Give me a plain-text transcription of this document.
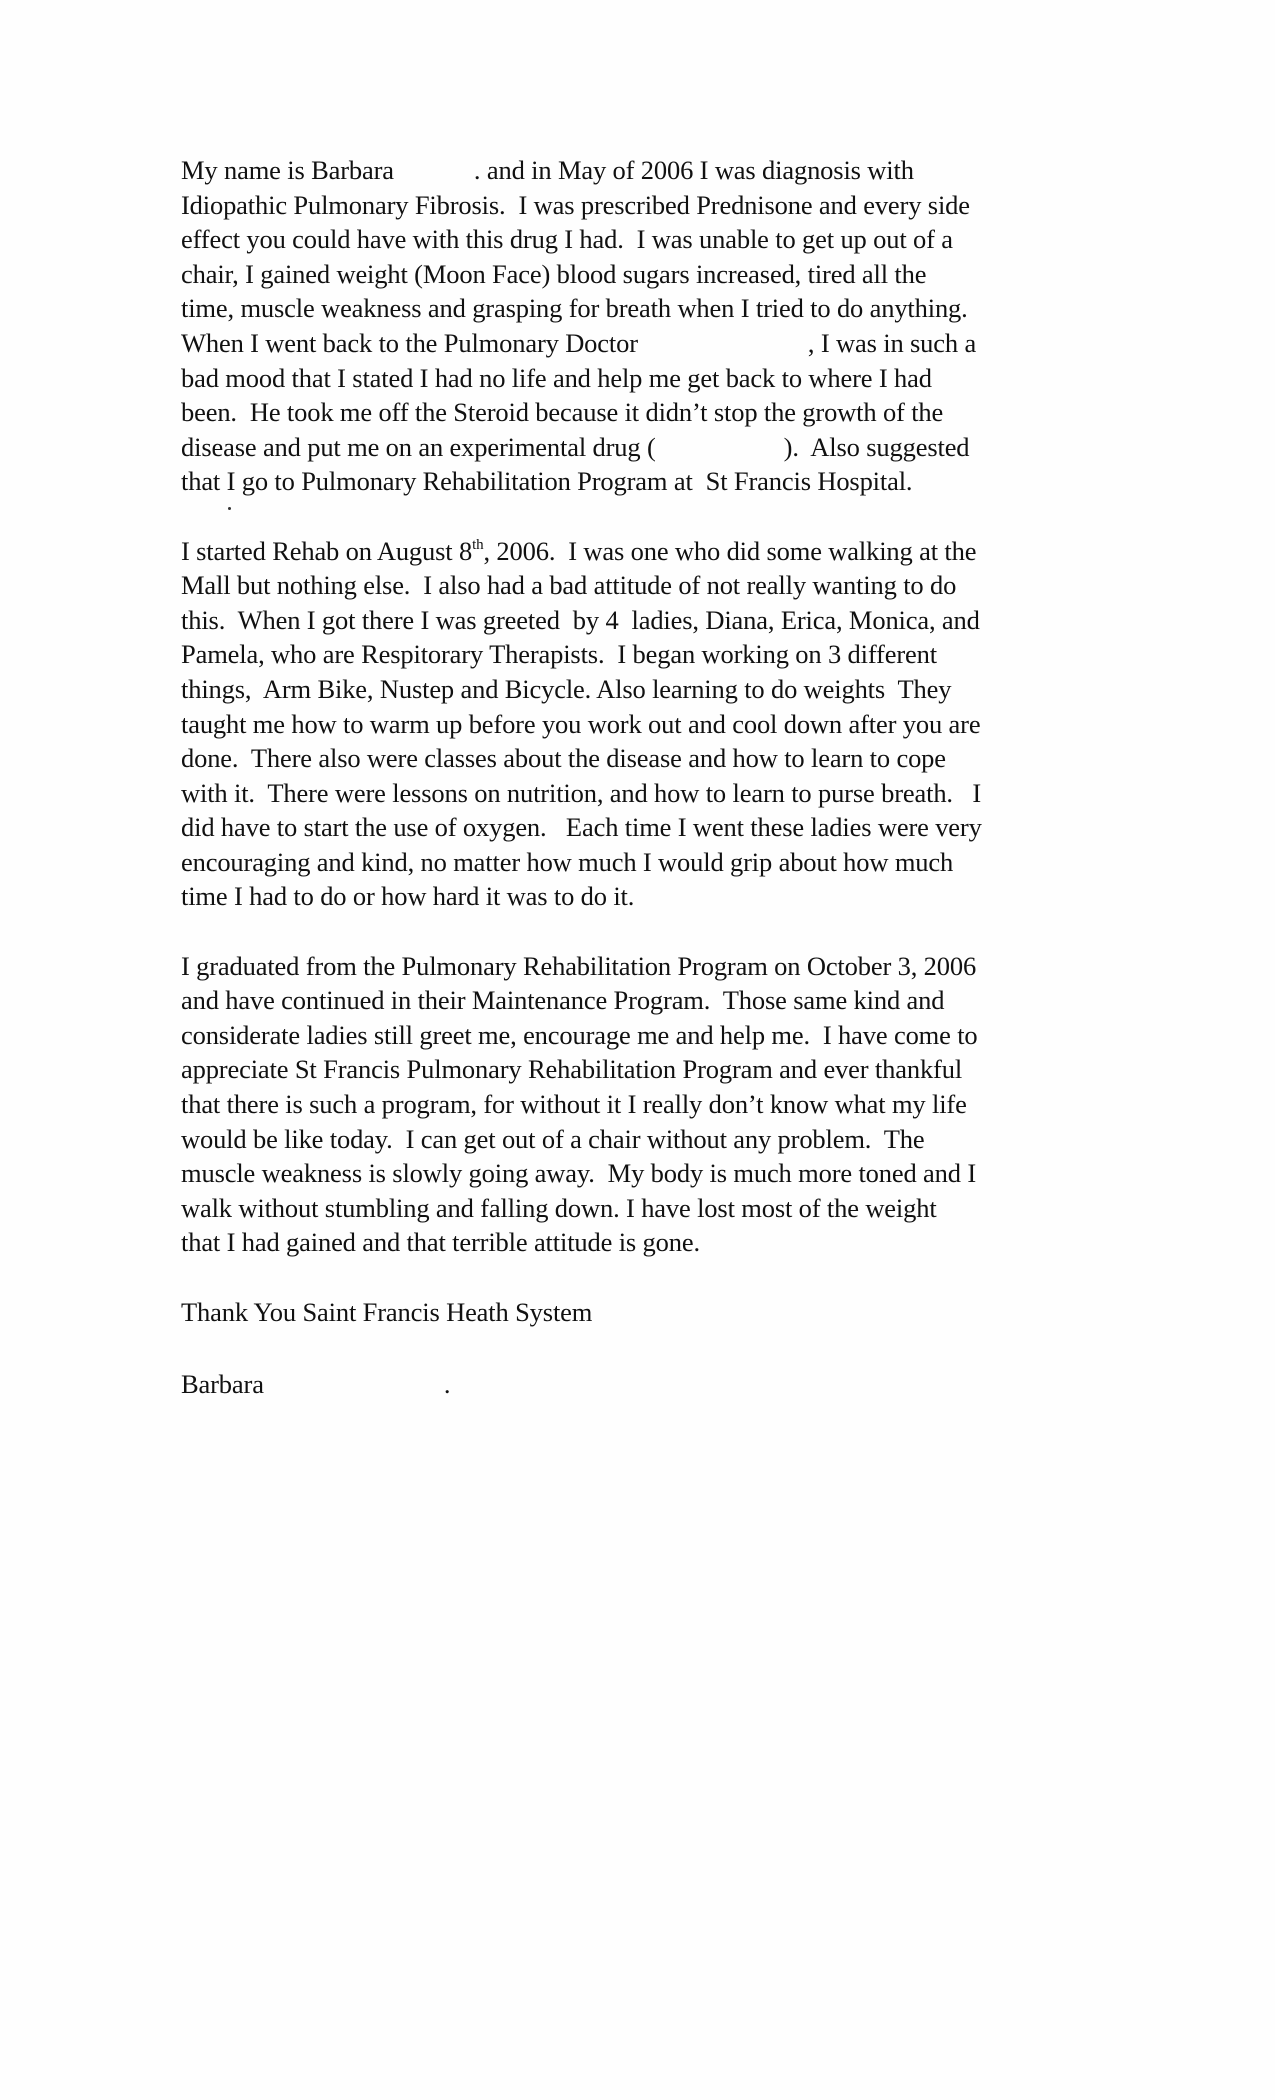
My name is Barbara	. and in May of 2006 I was diagnosis with
Idiopathic Pulmonary Fibrosis.  I was prescribed Prednisone and every side
effect you could have with this drug I had.  I was unable to get up out of a
chair, I gained weight (Moon Face) blood sugars increased, tired all the
time, muscle weakness and grasping for breath when I tried to do anything.
When I went back to the Pulmonary Doctor	, I was in such a
bad mood that I stated I had no life and help me get back to where I had
been.  He took me off the Steroid because it didn’t stop the growth of the
disease and put me on an experimental drug (	).  Also suggested
that I go to Pulmonary Rehabilitation Program at  St Francis Hospital.
I started Rehab on August 8th, 2006.  I was one who did some walking at the
Mall but nothing else.  I also had a bad attitude of not really wanting to do
this.  When I got there I was greeted  by 4  ladies, Diana, Erica, Monica, and
Pamela, who are Respitorary Therapists.  I began working on 3 different
things,  Arm Bike, Nustep and Bicycle. Also learning to do weights  They
taught me how to warm up before you work out and cool down after you are
done.  There also were classes about the disease and how to learn to cope
with it.  There were lessons on nutrition, and how to learn to purse breath.   I
did have to start the use of oxygen.   Each time I went these ladies were very
encouraging and kind, no matter how much I would grip about how much
time I had to do or how hard it was to do it.
I graduated from the Pulmonary Rehabilitation Program on October 3, 2006
and have continued in their Maintenance Program.  Those same kind and
considerate ladies still greet me, encourage me and help me.  I have come to
appreciate St Francis Pulmonary Rehabilitation Program and ever thankful
that there is such a program, for without it I really don’t know what my life
would be like today.  I can get out of a chair without any problem.  The
muscle weakness is slowly going away.  My body is much more toned and I
walk without stumbling and falling down. I have lost most of the weight
that I had gained and that terrible attitude is gone.
Thank You Saint Francis Heath System
Barbara	.
